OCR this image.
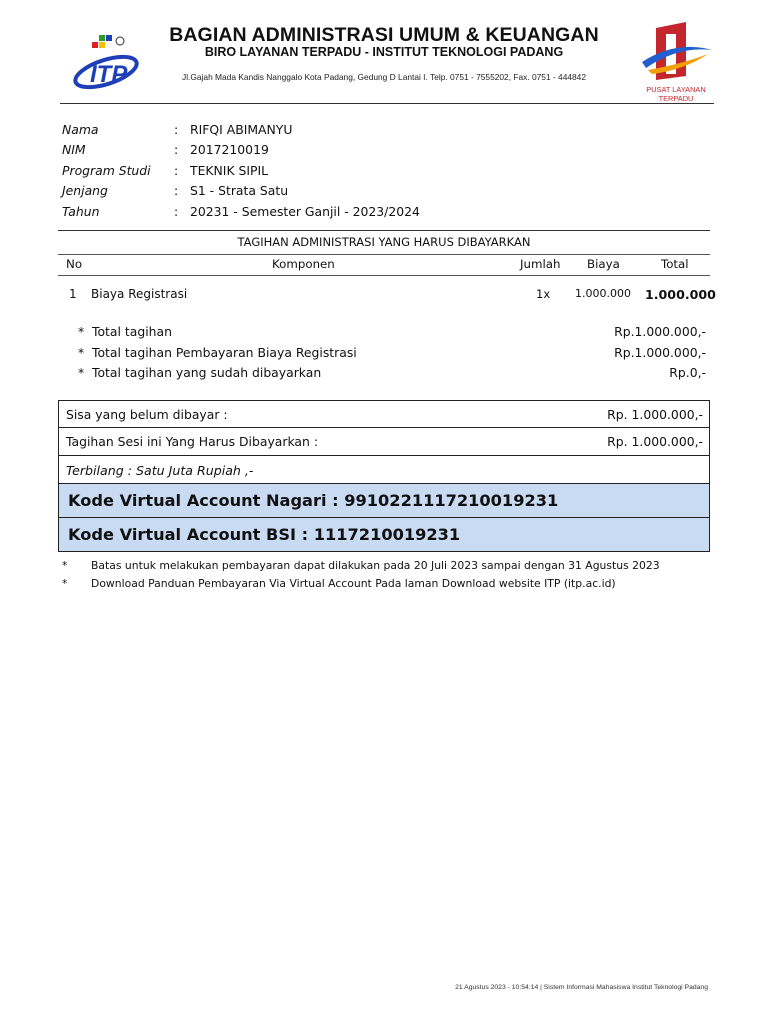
ITP
BAGIAN ADMINISTRASI UMUM & KEUANGAN
BIRO LAYANAN TERPADU - INSTITUT TEKNOLOGI PADANG
Jl.Gajah Mada Kandis Nanggalo Kota Padang, Gedung D Lantai I. Telp. 0751 - 7555202, Fax. 0751 - 444842
PUSAT LAYANAN
TERPADU
Nama	: RIFQI ABIMANYU
NIM	: 2017210019
Program Studi	: TEKNIK SIPIL
Jenjang	: S1 - Strata Satu
Tahun	: 20231 - Semester Ganjil - 2023/2024
TAGIHAN ADMINISTRASI YANG HARUS DIBAYARKAN
No	Komponen	Jumlah Biaya	Total
1 Biaya Registrasi	1x 1.000.000 1.000.000
* Total tagihan	Rp.1.000.000,-
* Total tagihan Pembayaran Biaya Registrasi	Rp.1.000.000,-
* Total tagihan yang sudah dibayarkan	Rp.0,-
Sisa yang belum dibayar :	Rp. 1.000.000,-
Tagihan Sesi ini Yang Harus Dibayarkan :	Rp. 1.000.000,-
Terbilang : Satu Juta Rupiah ,-
Kode Virtual Account Nagari : 9910221117210019231
Kode Virtual Account BSI : 1117210019231
*	Batas untuk melakukan pembayaran dapat dilakukan pada 20 Juli 2023 sampai dengan 31 Agustus 2023
*	Download Panduan Pembayaran Via Virtual Account Pada laman Download website ITP (itp.ac.id)
21 Agustus 2023 - 10:54:14 | Sistem Informasi Mahasiswa Institut Teknologi Padang
